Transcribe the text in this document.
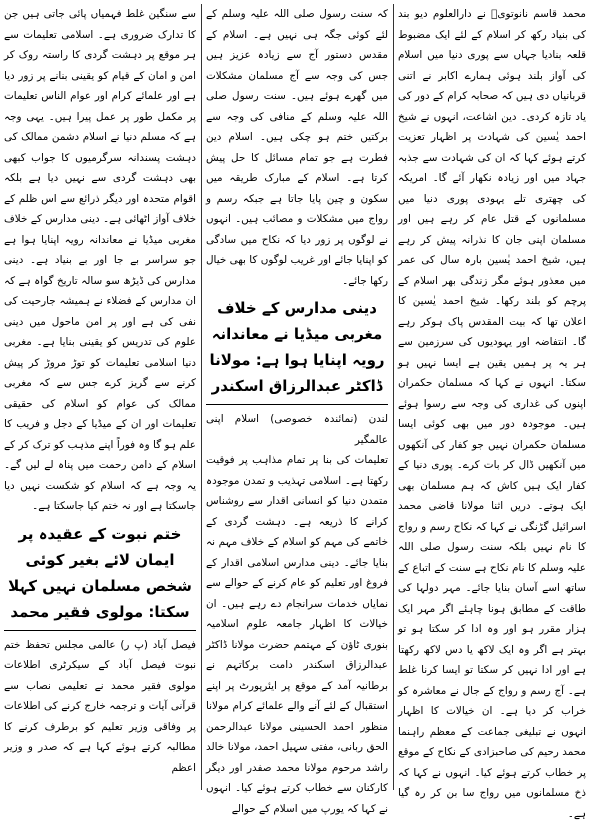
محمد قاسم نانوتویؒ نے دارالعلوم دیو بند کی بنیاد رکھ کر اسلام کے لئے ایک مضبوط قلعہ بنادیا جہاں سے پوری دنیا میں اسلام کی آواز بلند ہوئی ہمارے اکابر نے اتنی قربانیاں دی ہیں کہ صحابہ کرام کے دور کی یاد تازہ کردی۔ دین اشاعت، انہوں نے شیخ احمد یٰسین کی شہادت پر اظہار تعزیت کرتے ہوئے کہا کہ ان کی شہادت سے جذبہ جہاد میں اور زیادہ نکھار آئے گا۔ امریکہ کی چھتری تلے یہودی پوری دنیا میں مسلمانوں کے قتل عام کر رہے ہیں اور مسلمان اپنی جان کا نذرانہ پیش کر رہے ہیں، شیخ احمد یٰسین بارہ سال کی عمر میں معذور ہوئے مگر زندگی بھر اسلام کے پرچم کو بلند رکھا۔ شیخ احمد یٰسین کا اعلان تھا کہ بیت المقدس پاک ہوکر رہے گا۔ انتفاضہ اور یہودیوں کی سرزمین سے ہر یہ پر ہمیں یقین ہے ایسا نہیں ہو سکتا۔ انہوں نے کہا کہ مسلمان حکمران اپنوں کی غداری کی وجہ سے رسوا ہوئے ہیں۔ موجودہ دور میں بھی کوئی ایسا مسلمان حکمران نہیں جو کفار کی آنکھوں میں آنکھیں ڈال کر بات کرے۔ پوری دنیا کے کفار ایک ہیں کاش کہ ہم مسلمان بھی ایک ہوتے۔ دریں اثنا مولانا قاضی محمد اسرائیل گڑنگی نے کہا کہ نکاح رسم و رواج کا نام نہیں بلکہ سنت رسول صلی اللہ علیہ وسلم کا نام نکاح ہے سنت کے اتباع کے ساتھ اسے آسان بنایا جائے۔ مہر دولہا کی طاقت کے مطابق ہونا چاہئے اگر مہر ایک ہزار مقرر ہو اور وہ ادا کر سکتا ہو تو بہتر ہے اگر وہ ایک لاکھ یا دس لاکھ رکھتا ہے اور ادا نہیں کر سکتا تو ایسا کرنا غلط ہے۔ آج رسم و رواج کے جال نے معاشرہ کو خراب کر دیا ہے۔ ان خیالات کا اظہار انہوں نے تبلیغی جماعت کے معظم راہنما محمد رحیم کی صاحبزادی کے نکاح کے موقع پر خطاب کرتے ہوئے کیا۔ انہوں نے کہا کہ ذخ مسلمانوں میں رواج سا بن کر رہ گیا ہے۔

کہ سنت رسول صلی اللہ علیہ وسلم کے لئے کوئی جگہ ہی نہیں ہے۔ اسلام کے مقدس دستور آج سے زیادہ عزیز ہیں جس کی وجہ سے آج مسلمان مشکلات میں گھرے ہوئے ہیں۔ سنت رسول صلی اللہ علیہ وسلم کے منافی کی وجہ سے برکتیں ختم ہو چکی ہیں۔ اسلام دین فطرت ہے جو تمام مسائل کا حل پیش کرتا ہے۔ اسلام کے مبارک طریقہ میں سکون و چین پایا جاتا ہے جبکہ رسم و رواج میں مشکلات و مصائب ہیں۔ انہوں نے لوگوں پر زور دیا کہ نکاح میں سادگی کو اپنایا جائے اور غریب لوگوں کا بھی خیال رکھا جائے۔

دینی مدارس کے خلاف مغربی میڈیا نے معاندانہ رویہ اپنایا ہوا ہے: مولانا ڈاکٹر عبدالرزاق اسکندر

لندن (نمائندہ خصوصی) اسلام اپنی عالمگیر

تعلیمات کی بنا پر تمام مذاہب پر فوقیت رکھتا ہے۔ اسلامی تہذیب و تمدن موجودہ متمدن دنیا کو انسانی اقدار سے روشناس کرانے کا ذریعہ ہے۔ دہشت گردی کے خاتمے کی مہم کو اسلام کے خلاف مہم نہ بنایا جائے۔ دینی مدارس اسلامی اقدار کے فروغ اور تعلیم کو عام کرنے کے حوالے سے نمایاں خدمات سرانجام دے رہے ہیں۔ ان خیالات کا اظہار جامعہ علوم اسلامیہ بنوری ٹاؤن کے مہتمم حضرت مولانا ڈاکٹر عبدالرزاق اسکندر دامت برکاتہم نے برطانیہ آمد کے موقع پر ایئرپورٹ پر اپنے استقبال کے لئے آنے والے علمائے کرام مولانا منظور احمد الحسینی مولانا عبدالرحمن الحق ربانی، مفتی سہیل احمد، مولانا خالد راشد مرحوم مولانا محمد صفدر اور دیگر کارکنان سے خطاب کرتے ہوئے کیا۔ انہوں نے کہا کہ یورپ میں اسلام کے حوالے

سے سنگین غلط فہمیاں پائی جاتی ہیں جن کا تدارک ضروری ہے۔ اسلامی تعلیمات سے ہر موقع پر دہشت گردی کا راستہ روک کر امن و امان کے قیام کو یقینی بنانے پر زور دیا ہے اور علمائے کرام اور عوام الناس تعلیمات پر مکمل طور پر عمل پیرا ہیں۔ یہی وجہ ہے کہ مسلم دنیا نے اسلام دشمن ممالک کی دہشت پسندانہ سرگرمیوں کا جواب کبھی بھی دہشت گردی سے نہیں دیا ہے بلکہ اقوام متحدہ اور دیگر ذرائع سے اس ظلم کے خلاف آواز اٹھائی ہے۔ دینی مدارس کے خلاف مغربی میڈیا نے معاندانہ رویہ اپنایا ہوا ہے جو سراسر بے جا اور بے بنیاد ہے۔ دینی مدارس کی ڈیڑھ سو سالہ تاریخ گواہ ہے کہ ان مدارس کے فضلاء نے ہمیشہ جارحیت کی نفی کی ہے اور پر امن ماحول میں دینی علوم کی تدریس کو یقینی بنایا ہے۔ مغربی دنیا اسلامی تعلیمات کو توڑ مروڑ کر پیش کرنے سے گریز کرے جس سے کہ مغربی ممالک کی عوام کو اسلام کی حقیقی تعلیمات اور ان کے میڈیا کے دجل و فریب کا علم ہو گا وہ فوراً اپنے مذہب کو ترک کر کے اسلام کے دامن رحمت میں پناہ لے لیں گے۔ یہ وجہ ہے کہ اسلام کو شکست نہیں دیا جاسکتا ہے اور نہ ختم کیا جاسکتا ہے۔

ختم نبوت کے عقیدہ پر ایمان لائے بغیر کوئی شخص مسلمان نہیں کہلا سکتا: مولوی فقیر محمد

فیصل آباد (پ ر) عالمی مجلس تحفظ ختم نبوت فیصل آباد کے سیکرٹری اطلاعات مولوی فقیر محمد نے تعلیمی نصاب سے قرآنی آیات و ترجمہ خارج کرنے کی اطلاعات پر وفاقی وزیر تعلیم کو برطرف کرنے کا مطالبہ کرتے ہوئے کہا ہے کہ صدر و وزیر اعظم
